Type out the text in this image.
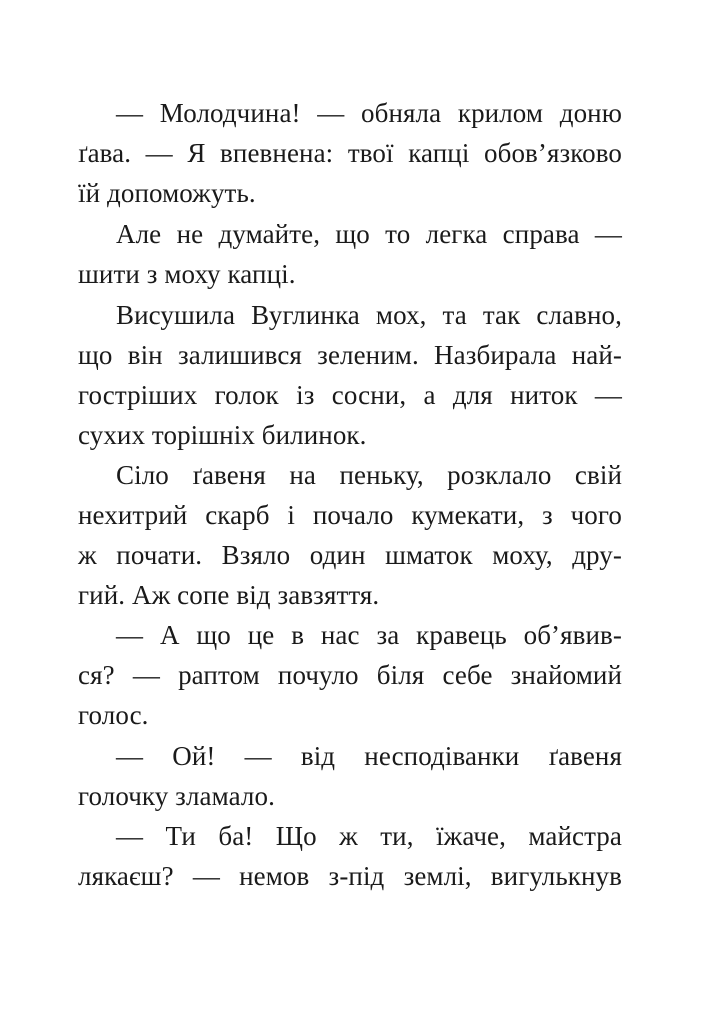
— Молодчина! — обняла крилом доню
ґава. — Я впевнена: твої капці обов’язково
їй допоможуть.
Але не думайте, що то легка справа —
шити з моху капці.
Висушила Вуглинка мох, та так славно,
що він залишився зеленим. Назбирала най-
гостріших голок із сосни, а для ниток —
сухих торішніх билинок.
Сіло ґавеня на пеньку, розклало свій
нехитрий скарб і почало кумекати, з чого
ж почати. Взяло один шматок моху, дру-
гий. Аж сопе від завзяття.
— А що це в нас за кравець об’явив-
ся? — раптом почуло біля себе знайомий
голос.
— Ой! — від несподіванки ґавеня
голочку зламало.
— Ти ба! Що ж ти, їжаче, майстра
лякаєш? — немов з-під землі, вигулькнув
